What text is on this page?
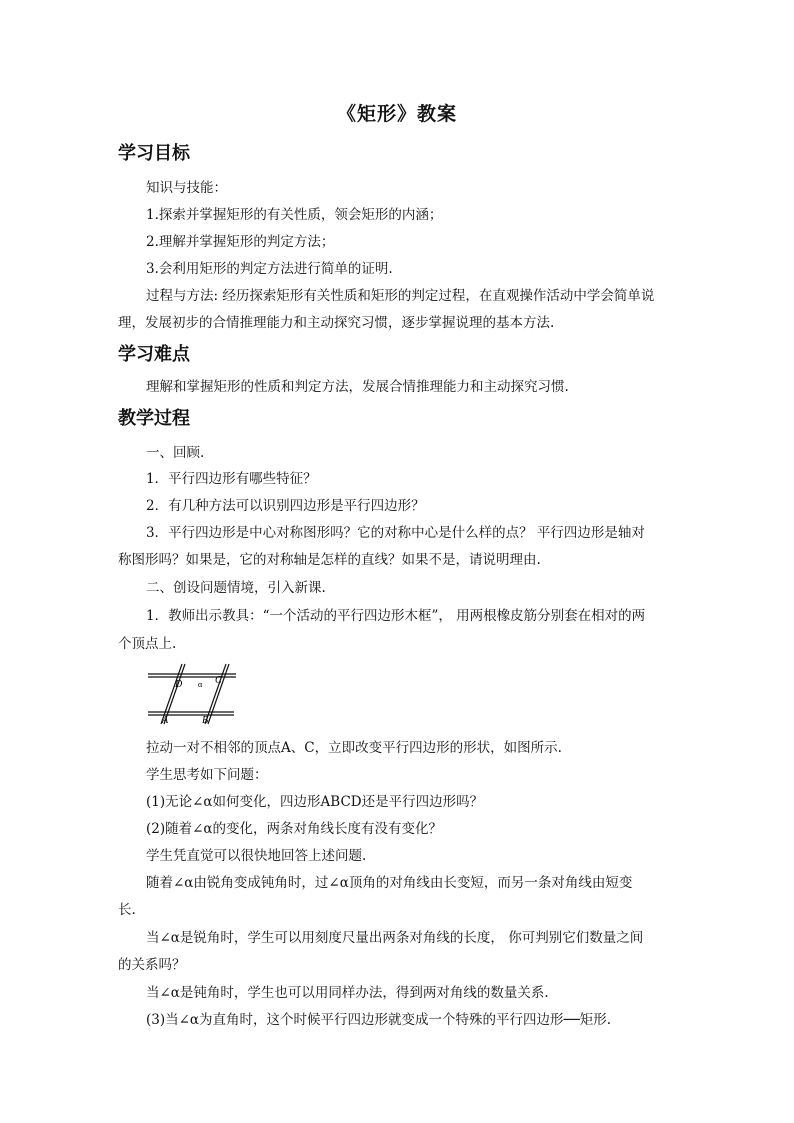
《矩形》教案
学习目标
知识与技能：
1.探索并掌握矩形的有关性质，领会矩形的内涵；
2.理解并掌握矩形的判定方法；
3.会利用矩形的判定方法进行简单的证明.
过程与方法: 经历探索矩形有关性质和矩形的判定过程，在直观操作活动中学会简单说
理，发展初步的合情推理能力和主动探究习惯，逐步掌握说理的基本方法.
学习难点
理解和掌握矩形的性质和判定方法，发展合情推理能力和主动探究习惯.
教学过程
一、回顾.
1．平行四边形有哪些特征？
2．有几种方法可以识别四边形是平行四边形？
3．平行四边形是中心对称图形吗？它的对称中心是什么样的点？ 平行四边形是轴对
称图形吗？如果是，它的对称轴是怎样的直线？如果不是，请说明理由.
二、创设问题情境，引入新课.
1．教师出示教具：“一个活动的平行四边形木框”， 用两根橡皮筋分别套在相对的两
个顶点上.
D α C
A	B
拉动一对不相邻的顶点A、C，立即改变平行四边形的形状，如图所示.
学生思考如下问题：
(1)无论∠α如何变化，四边形ABCD还是平行四边形吗？
(2)随着∠α的变化，两条对角线长度有没有变化？
学生凭直觉可以很快地回答上述问题.
随着∠α由锐角变成钝角时，过∠α顶角的对角线由长变短，而另一条对角线由短变
长.
当∠α是锐角时，学生可以用刻度尺量出两条对角线的长度， 你可判别它们数量之间
的关系吗？
当∠α是钝角时，学生也可以用同样办法，得到两对角线的数量关系.
(3)当∠α为直角时，这个时候平行四边形就变成一个特殊的平行四边形──矩形.
